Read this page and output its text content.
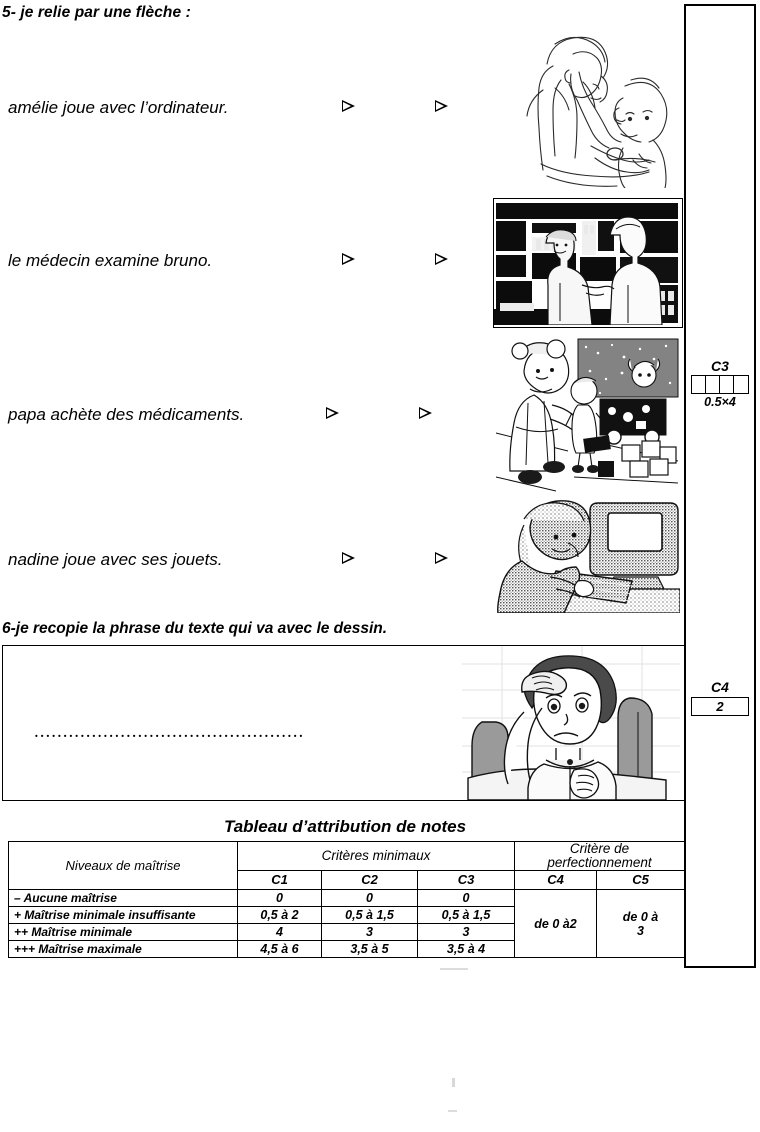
5- je relie par une flèche :
amélie joue avec l’ordinateur.
le médecin examine bruno.
papa achète des médicaments.
nadine joue avec ses jouets.
6-je recopie la phrase du texte qui va avec le dessin.
...............................................
C3
0.5×4
C4
2
Tableau d’attribution de notes
Niveaux de maîtrise	Critères minimaux			Critère de perfectionnement	
	C1	C2	C3	C4	C5
– Aucune maîtrise	0	0	0	de 0 à2	de 0 à
3
+ Maîtrise minimale insuffisante	0,5 à 2	0,5 à 1,5	0,5 à 1,5		
++ Maîtrise minimale	4	3	3		
+++ Maîtrise maximale	4,5 à 6	3,5 à 5	3,5 à 4		
